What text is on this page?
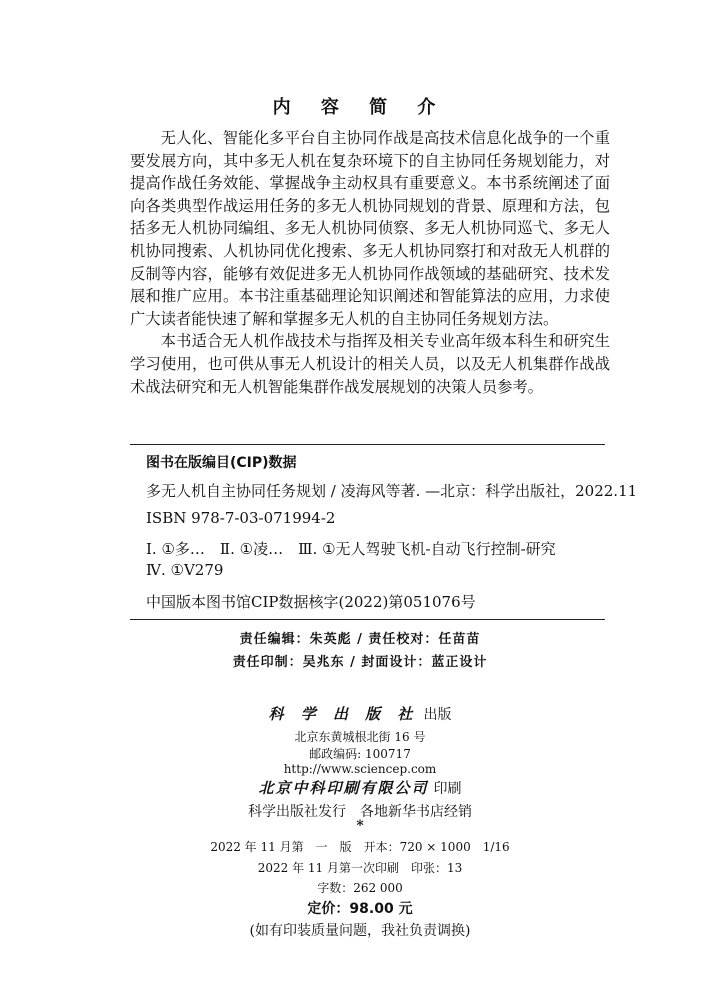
内 容 简 介

无人化、智能化多平台自主协同作战是高技术信息化战争的一个重要发展方向，其中多无人机在复杂环境下的自主协同任务规划能力，对提高作战任务效能、掌握战争主动权具有重要意义。本书系统阐述了面向各类典型作战运用任务的多无人机协同规划的背景、原理和方法，包括多无人机协同编组、多无人机协同侦察、多无人机协同巡弋、多无人机协同搜索、人机协同优化搜索、多无人机协同察打和对敌无人机群的反制等内容，能够有效促进多无人机协同作战领域的基础研究、技术发展和推广应用。本书注重基础理论知识阐述和智能算法的应用，力求使广大读者能快速了解和掌握多无人机的自主协同任务规划方法。

本书适合无人机作战技术与指挥及相关专业高年级本科生和研究生学习使用，也可供从事无人机设计的相关人员，以及无人机集群作战战术战法研究和无人机智能集群作战发展规划的决策人员参考。

图书在版编目(CIP)数据
多无人机自主协同任务规划 / 凌海风等著. —北京：科学出版社，2022.11
ISBN 978-7-03-071994-2
Ⅰ. ①多…　Ⅱ. ①凌…　Ⅲ. ①无人驾驶飞机-自动飞行控制-研究
Ⅳ. ①V279
中国版本图书馆CIP数据核字(2022)第051076号
责任编辑：朱英彪 / 责任校对：任苗苗
责任印制：吴兆东 / 封面设计：蓝正设计
科 学 出 版 社 出版
北京东黄城根北街 16 号
邮政编码: 100717
http://www.sciencep.com
北京中科印刷有限公司 印刷
科学出版社发行　各地新华书店经销
*
2022 年 11 月第　一　版　开本：720 × 1000　1/16
2022 年 11 月第一次印刷　印张：13
字数：262 000
定价：98.00 元
(如有印装质量问题，我社负责调换)
